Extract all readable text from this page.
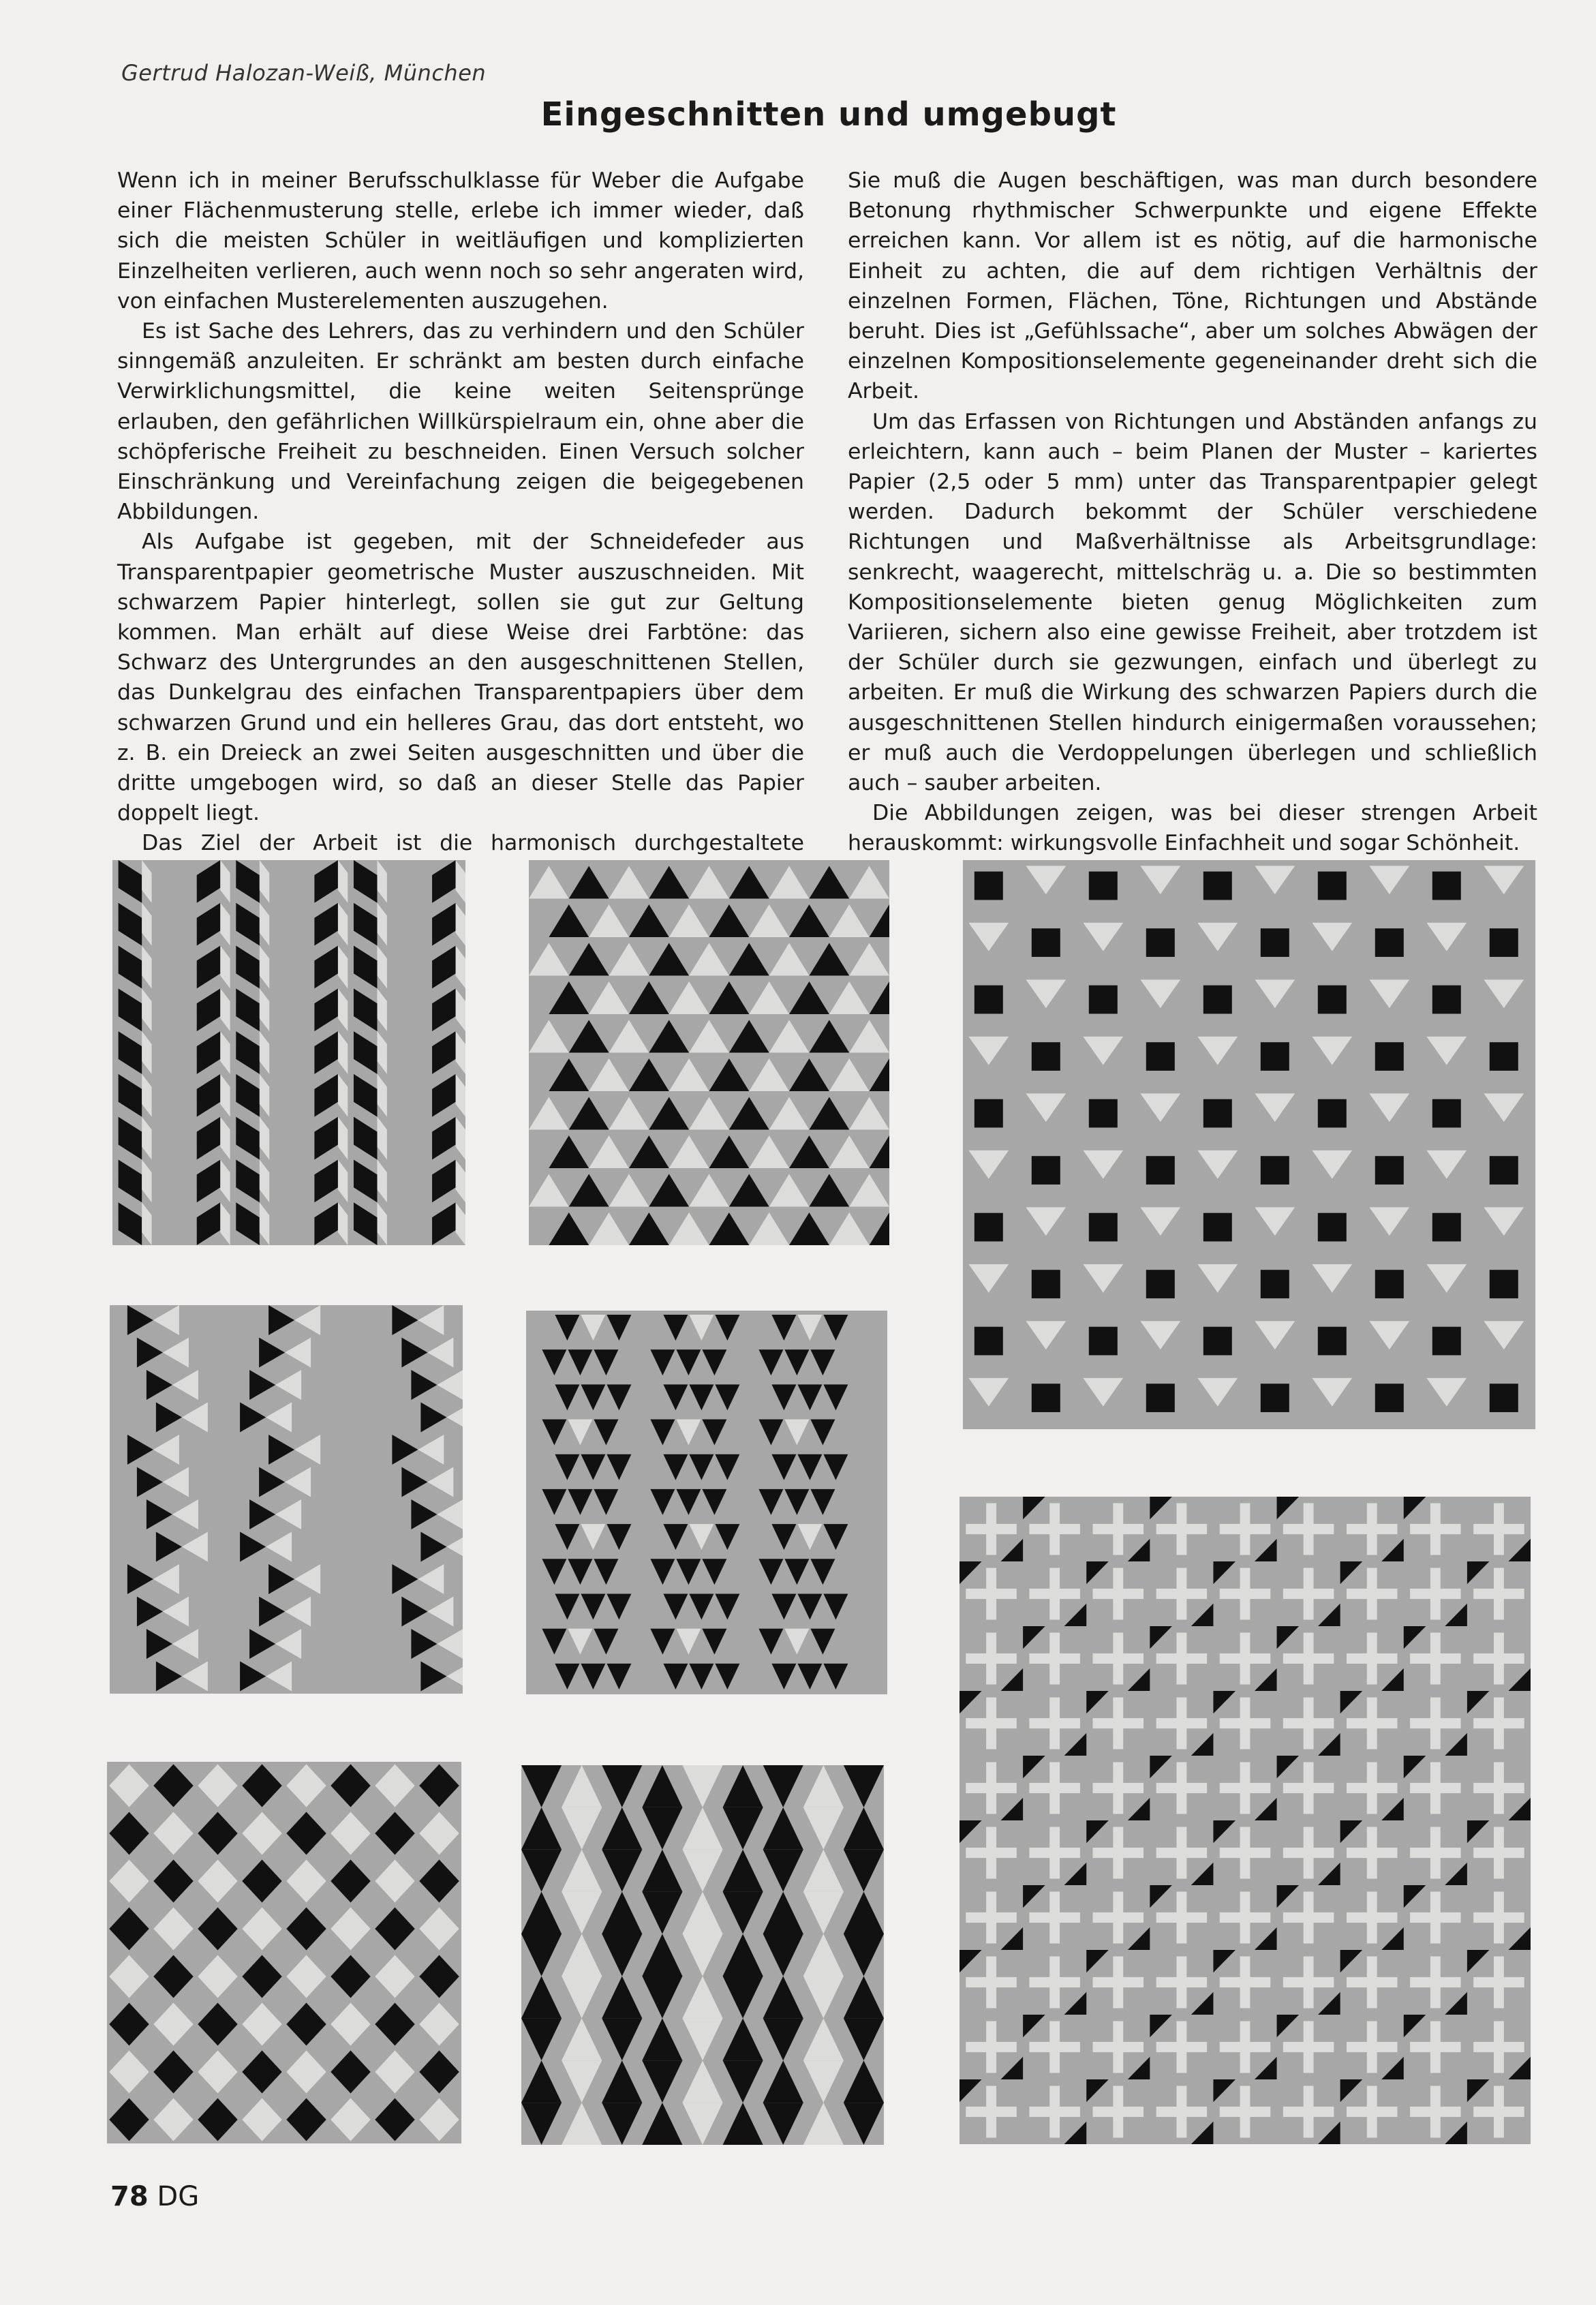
Gertrud Halozan-Weiß, München
Eingeschnitten und umgebugt

Wenn ich in meiner Berufsschulklasse für Weber die Aufgabe einer Flächenmusterung stelle, erlebe ich immer wieder, daß sich die meisten Schüler in weitläufigen und komplizierten Einzelheiten verlieren, auch wenn noch so sehr angeraten wird, von einfachen Musterelementen auszugehen.

Es ist Sache des Lehrers, das zu verhindern und den Schüler sinngemäß anzuleiten. Er schränkt am besten durch einfache Verwirklichungsmittel, die keine weiten Seitensprünge erlauben, den gefährlichen Willkürspielraum ein, ohne aber die schöpferische Freiheit zu beschneiden. Einen Versuch solcher Einschränkung und Vereinfachung zeigen die beigegebenen Abbildungen.

Als Aufgabe ist gegeben, mit der Schneidefeder aus Transparentpapier geometrische Muster auszuschneiden. Mit schwarzem Papier hinterlegt, sollen sie gut zur Geltung kommen. Man erhält auf diese Weise drei Farbtöne: das Schwarz des Untergrundes an den ausgeschnittenen Stellen, das Dunkelgrau des einfachen Transparentpapiers über dem schwarzen Grund und ein helleres Grau, das dort entsteht, wo z. B. ein Dreieck an zwei Seiten ausgeschnitten und über die dritte umgebogen wird, so daß an dieser Stelle das Papier doppelt liegt.

Das Ziel der Arbeit ist die harmonisch durchgestaltete

Sie muß die Augen beschäftigen, was man durch besondere Betonung rhythmischer Schwerpunkte und eigene Effekte erreichen kann. Vor allem ist es nötig, auf die harmonische Einheit zu achten, die auf dem richtigen Verhältnis der einzelnen Formen, Flächen, Töne, Richtungen und Abstände beruht. Dies ist „Gefühlssache“, aber um solches Abwägen der einzelnen Kompositionselemente gegeneinander dreht sich die Arbeit.

Um das Erfassen von Richtungen und Abständen anfangs zu erleichtern, kann auch – beim Planen der Muster – kariertes Papier (2,5 oder 5 mm) unter das Transparentpapier gelegt werden. Dadurch bekommt der Schüler verschiedene Richtungen und Maßverhältnisse als Arbeitsgrundlage: senkrecht, waagerecht, mittelschräg u. a. Die so bestimmten Kompositionselemente bieten genug Möglichkeiten zum Variieren, sichern also eine gewisse Freiheit, aber trotzdem ist der Schüler durch sie gezwungen, einfach und überlegt zu arbeiten. Er muß die Wirkung des schwarzen Papiers durch die ausgeschnittenen Stellen hindurch einigermaßen voraussehen; er muß auch die Verdoppelungen überlegen und schließlich auch – sauber arbeiten.

Die Abbildungen zeigen, was bei dieser strengen Arbeit herauskommt: wirkungsvolle Einfachheit und sogar Schönheit.

78 DG
